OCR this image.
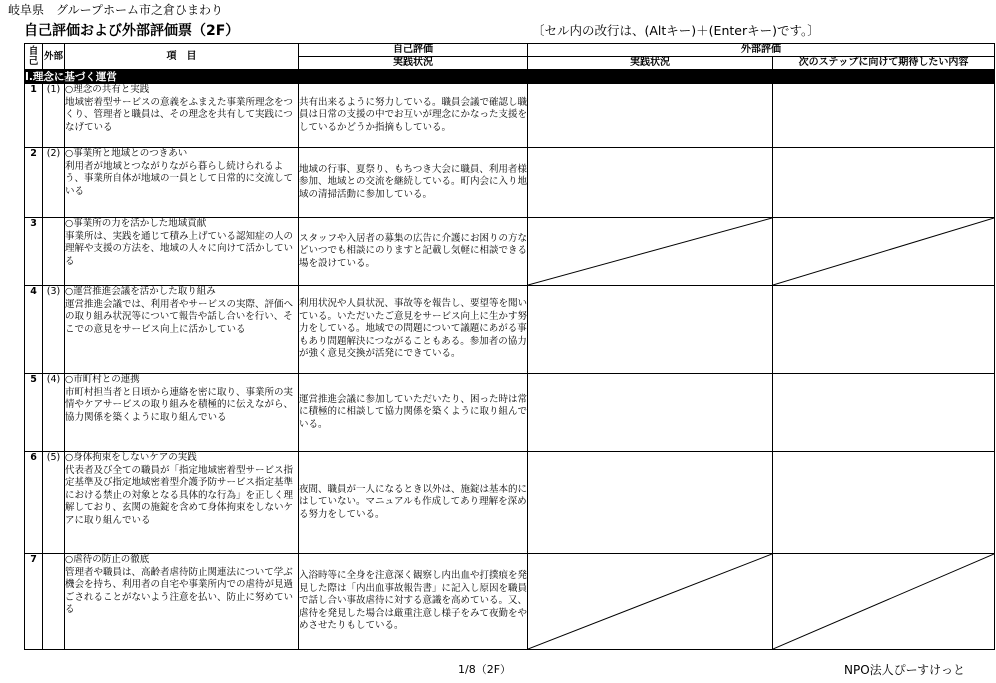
岐阜県　グループホーム市之倉ひまわり
自己評価および外部評価票（2F）	〔セル内の改行は、(Altキー)＋(Enterキー)です。〕
自己	外部	項　目	自己評価	外部評価	
			実践状況	実践状況	次のステップに向けて期待したい内容
Ⅰ.理念に基づく運営					
1	(1)	○理念の共有と実践
地域密着型サービスの意義をふまえた事業所理念をつくり、管理者と職員は、その理念を共有して実践につなげている	共有出来るように努力している。職員会議で確認し職員は日常の支援の中でお互いが理念にかなった支援をしているかどうか指摘もしている。		
2	(2)	○事業所と地域とのつきあい
利用者が地域とつながりながら暮らし続けられるよう、事業所自体が地域の一員として日常的に交流している	地域の行事、夏祭り、もちつき大会に職員、利用者様参加、地域との交流を継続している。町内会に入り地域の清掃活動に参加している。		
3		○事業所の力を活かした地域貢献
事業所は、実践を通じて積み上げている認知症の人の理解や支援の方法を、地域の人々に向けて活かしている	スタッフや入居者の募集の広告に介護にお困りの方などいつでも相談にのりますと記載し気軽に相談できる場を設けている。	

4	(3)	○運営推進会議を活かした取り組み
運営推進会議では、利用者やサービスの実際、評価への取り組み状況等について報告や話し合いを行い、そこでの意見をサービス向上に活かしている	利用状況や人員状況、事故等を報告し、要望等を聞いている。いただいたご意見をサービス向上に生かす努力をしている。地域での問題について議題にあがる事もあり問題解決につながることもある。参加者の協力が強く意見交換が活発にできている。		
5	(4)	○市町村との連携
市町村担当者と日頃から連絡を密に取り、事業所の実情やケアサービスの取り組みを積極的に伝えながら、協力関係を築くように取り組んでいる	運営推進会議に参加していただいたり、困った時は常に積極的に相談して協力関係を築くように取り組んでいる。		
6	(5)	○身体拘束をしないケアの実践
代表者及び全ての職員が「指定地域密着型サービス指定基準及び指定地域密着型介護予防サービス指定基準における禁止の対象となる具体的な行為」を正しく理解しており、玄関の施錠を含めて身体拘束をしないケアに取り組んでいる	夜間、職員が一人になるとき以外は、施錠は基本的にはしていない。マニュアルも作成してあり理解を深める努力をしている。		
7		○虐待の防止の徹底
管理者や職員は、高齢者虐待防止関連法について学ぶ機会を持ち、利用者の自宅や事業所内での虐待が見過ごされることがないよう注意を払い、防止に努めている	入浴時等に全身を注意深く観察し内出血や打撲痕を発見した際は「内出血事故報告書」に記入し原因を職員で話し合い事故虐待に対する意識を高めている。又、虐待を発見した場合は厳重注意し様子をみて夜勤をやめさせたりもしている。	

1/8（2F）	NPO法人ぴーすけっと
